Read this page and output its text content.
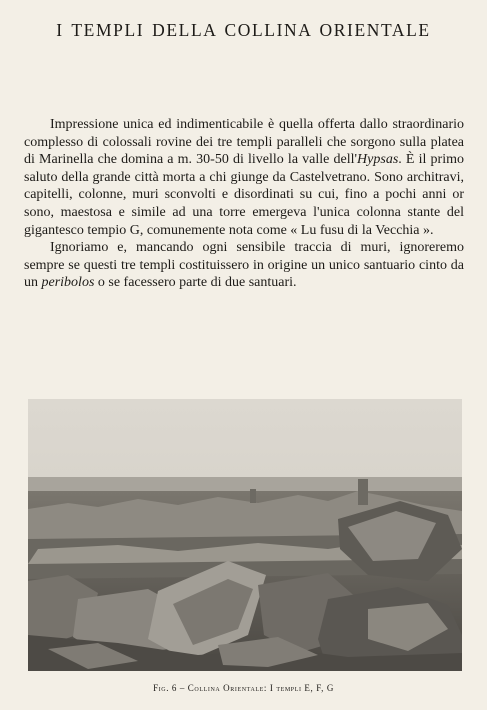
I TEMPLI DELLA COLLINA ORIENTALE

Impressione unica ed indimenticabile è quella offerta dallo straordinario complesso di colossali rovine dei tre templi paralleli che sorgono sulla platea di Marinella che domina a m. 30-50 di livello la valle dell'Hypsas. È il primo saluto della grande città morta a chi giunge da Castelvetrano. Sono architravi, capitelli, colonne, muri sconvolti e disordinati su cui, fino a pochi anni or sono, maestosa e simile ad una torre emergeva l'unica colonna stante del gigantesco tempio G, comunemente nota come « Lu fusu di la Vecchia ».

Ignoriamo e, mancando ogni sensibile traccia di muri, ignoreremo sempre se questi tre templi costituissero in origine un unico santuario cinto da un peribolos o se facessero parte di due santuari.

Fig. 6 – Collina Orientale: I templi E, F, G
